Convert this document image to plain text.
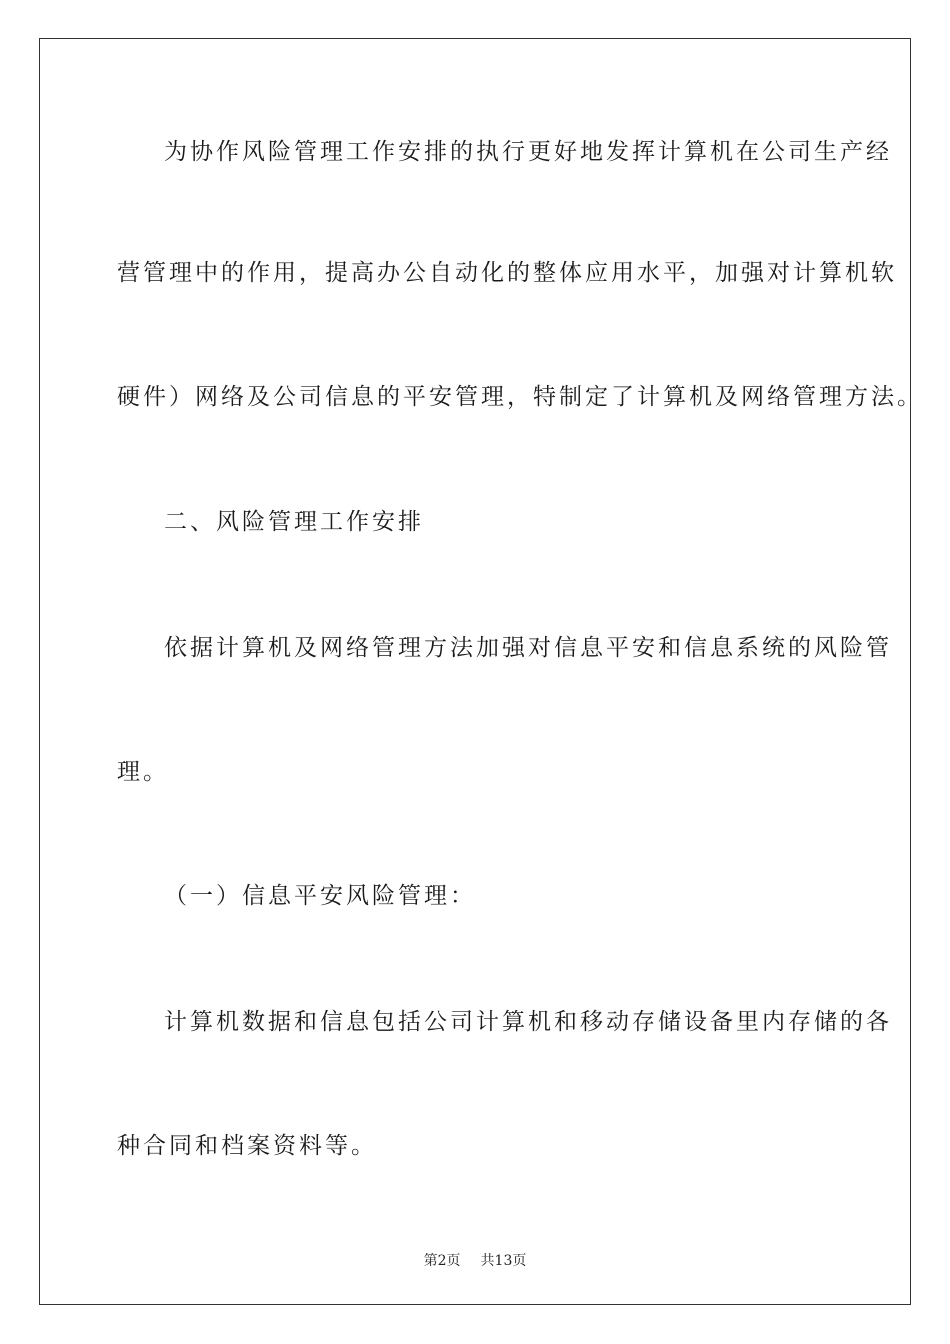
为协作风险管理工作安排的执行更好地发挥计算机在公司生产经
营管理中的作用，提高办公自动化的整体应用水平，加强对计算机软
硬件）网络及公司信息的平安管理，特制定了计算机及网络管理方法。
二、风险管理工作安排
依据计算机及网络管理方法加强对信息平安和信息系统的风险管
理。
（一）信息平安风险管理：
计算机数据和信息包括公司计算机和移动存储设备里内存储的各
种合同和档案资料等。
第2页 共13页
